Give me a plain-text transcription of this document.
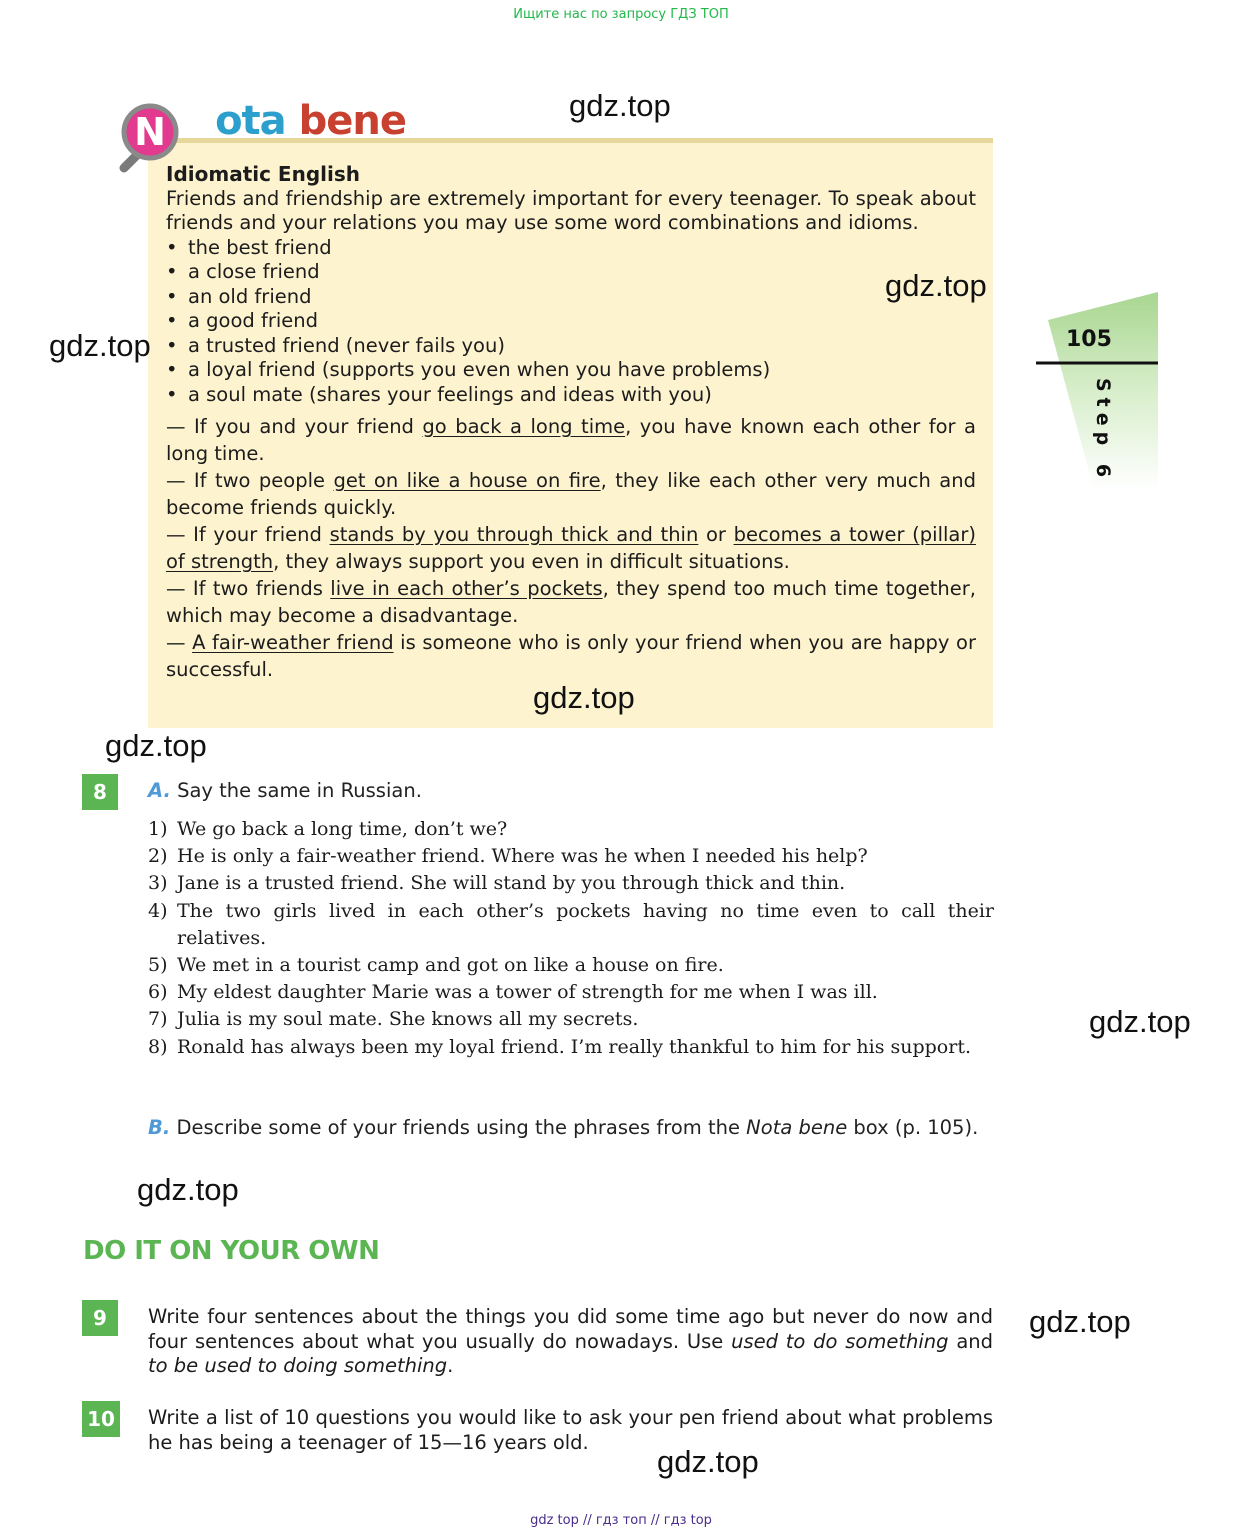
Ищите нас по запросу ГДЗ ТОП
N	ota bene
Idiomatic English
Friends and friendship are extremely important for every teenager. To speak about friends and your relations you may use some word combinations and idioms.
• the best friend
• a close friend
• an old friend
• a good friend
• a trusted friend (never fails you)
• a loyal friend (supports you even when you have problems)
• a soul mate (shares your feelings and ideas with you)
— If you and your friend go back a long time, you have known each other for a long time.
— If two people get on like a house on fire, they like each other very much and become friends quickly.
— If your friend stands by you through thick and thin or becomes a tower (pillar) of strength, they always support you even in difficult situations.
— If two friends live in each other’s pockets, they spend too much time together, which may become a disadvantage.
— A fair-weather friend is someone who is only your friend when you are happy or successful.
105
Step 6
8	A. Say the same in Russian.
1) We go back a long time, don’t we?
2) He is only a fair-weather friend. Where was he when I needed his help?
3) Jane is a trusted friend. She will stand by you through thick and thin.
4) The two girls lived in each other’s pockets having no time even to call their relatives.
5) We met in a tourist camp and got on like a house on fire.
6) My eldest daughter Marie was a tower of strength for me when I was ill.
7) Julia is my soul mate. She knows all my secrets.
8) Ronald has always been my loyal friend. I’m really thankful to him for his support.
B. Describe some of your friends using the phrases from the Nota bene box (p. 105).
DO IT ON YOUR OWN
9	Write four sentences about the things you did some time ago but never do now and four sentences about what you usually do nowadays. Use used to do something and to be used to doing something.
10 Write a list of 10 questions you would like to ask your pen friend about what problems he has being a teenager of 15—16 years old.
gdz.top
gdz.top
gdz.top
gdz.top
gdz.top
gdz.top
gdz.top
gdz.top
gdz.top
gdz top // гдз топ // гдз top
